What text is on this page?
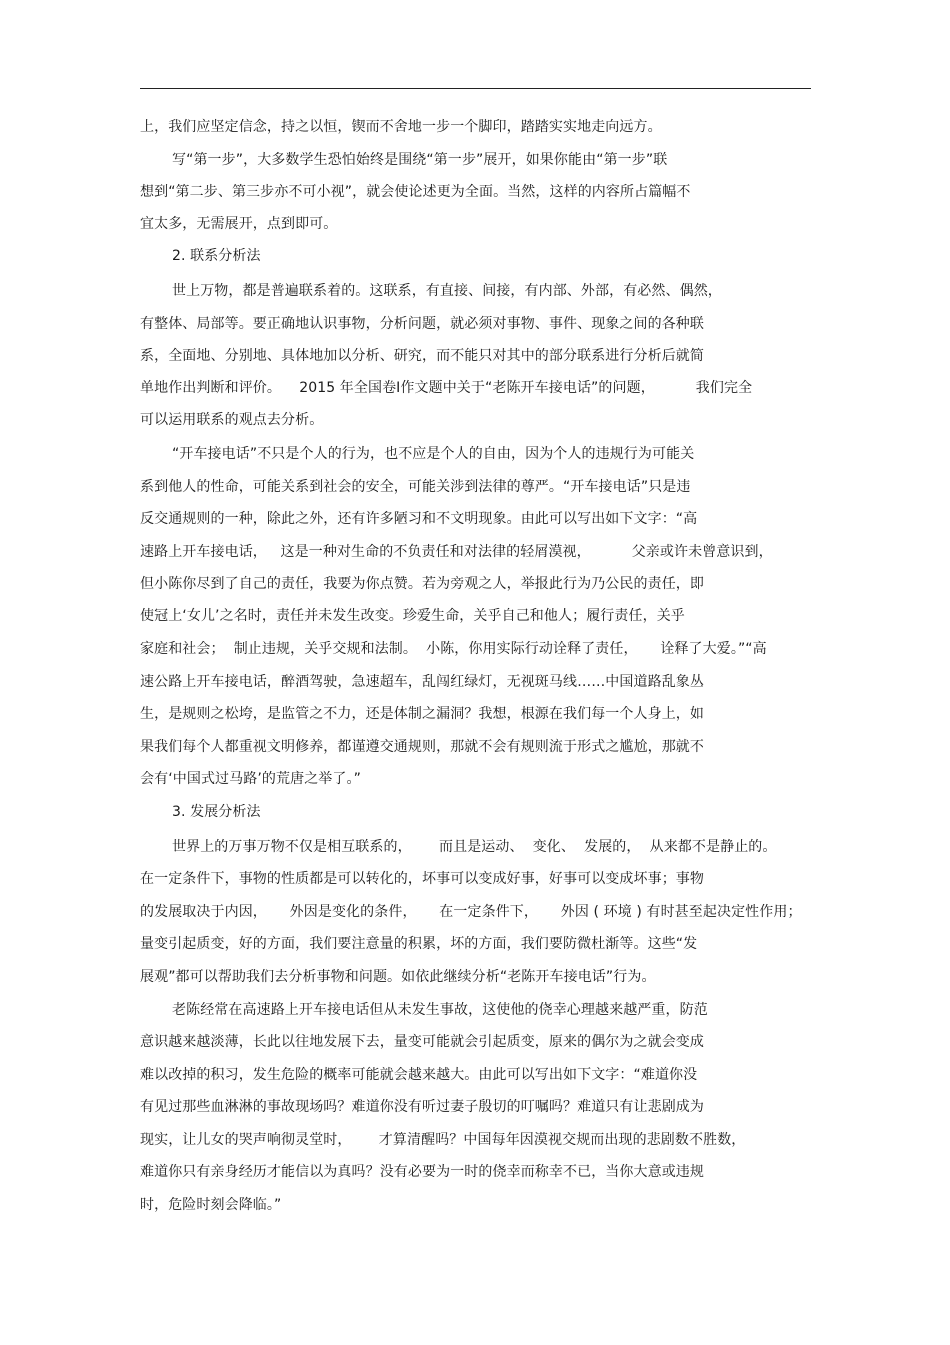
上，我们应坚定信念，持之以恒，锲而不舍地一步一个脚印，踏踏实实地走向远方。
写“第一步”，大多数学生恐怕始终是围绕“第一步”展开，如果你能由“第一步”联
想到“第二步、第三步亦不可小视”，就会使论述更为全面。当然，这样的内容所占篇幅不
宜太多，无需展开，点到即可。
2. 联系分析法
世上万物，都是普遍联系着的。这联系，有直接、间接，有内部、外部，有必然、偶然，
有整体、局部等。要正确地认识事物，分析问题，就必须对事物、事件、现象之间的各种联
系，全面地、分别地、具体地加以分析、研究，而不能只对其中的部分联系进行分析后就简
单地作出判断和评价。    2015 年全国卷Ⅰ作文题中关于“老陈开车接电话”的问题，         我们完全
可以运用联系的观点去分析。
“开车接电话”不只是个人的行为，也不应是个人的自由，因为个人的违规行为可能关
系到他人的性命，可能关系到社会的安全，可能关涉到法律的尊严。“开车接电话”只是违
反交通规则的一种，除此之外，还有许多陋习和不文明现象。由此可以写出如下文字：“高
速路上开车接电话，   这是一种对生命的不负责任和对法律的轻屑漠视，         父亲或许未曾意识到，
但小陈你尽到了自己的责任，我要为你点赞。若为旁观之人，举报此行为乃公民的责任，即
使冠上‘女儿’之名时，责任并未发生改变。珍爱生命，关乎自己和他人；履行责任，关乎
家庭和社会；  制止违规，关乎交规和法制。  小陈，你用实际行动诠释了责任，     诠释了大爱。”“高
速公路上开车接电话，醉酒驾驶，急速超车，乱闯红绿灯，无视斑马线……中国道路乱象丛
生，是规则之松垮，是监管之不力，还是体制之漏洞？我想，根源在我们每一个人身上，如
果我们每个人都重视文明修养，都谨遵交通规则，那就不会有规则流于形式之尴尬，那就不
会有‘中国式过马路’的荒唐之举了。”
3. 发展分析法
世界上的万事万物不仅是相互联系的，      而且是运动、  变化、  发展的，  从来都不是静止的。
在一定条件下，事物的性质都是可以转化的，坏事可以变成好事，好事可以变成坏事；事物
的发展取决于内因，     外因是变化的条件，     在一定条件下，     外因 ( 环境 ) 有时甚至起决定性作用；
量变引起质变，好的方面，我们要注意量的积累，坏的方面，我们要防微杜渐等。这些“发
展观”都可以帮助我们去分析事物和问题。如依此继续分析“老陈开车接电话”行为。
老陈经常在高速路上开车接电话但从未发生事故，这使他的侥幸心理越来越严重，防范
意识越来越淡薄，长此以往地发展下去，量变可能就会引起质变，原来的偶尔为之就会变成
难以改掉的积习，发生危险的概率可能就会越来越大。由此可以写出如下文字：“难道你没
有见过那些血淋淋的事故现场吗？难道你没有听过妻子殷切的叮嘱吗？难道只有让悲剧成为
现实，让儿女的哭声响彻灵堂时，      才算清醒吗？中国每年因漠视交规而出现的悲剧数不胜数，
难道你只有亲身经历才能信以为真吗？没有必要为一时的侥幸而称幸不已，当你大意或违规
时，危险时刻会降临。”
